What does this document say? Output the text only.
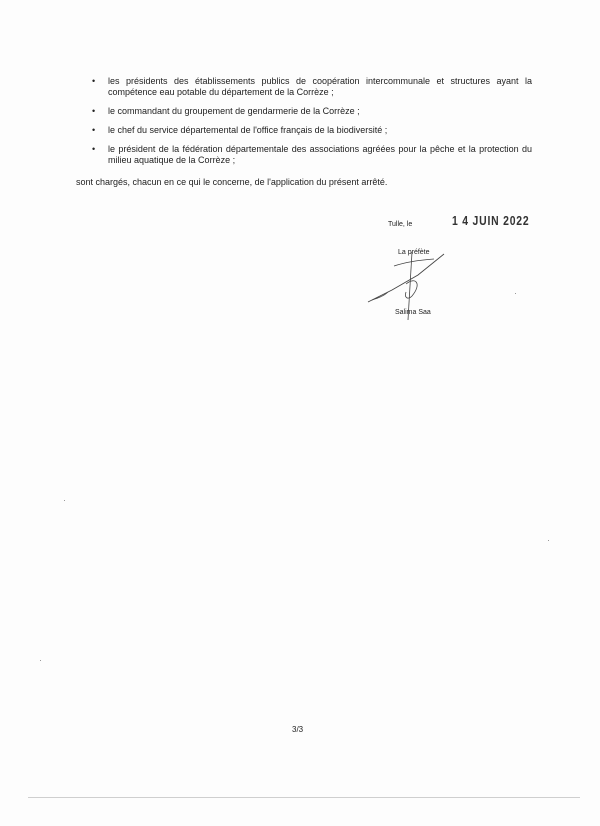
• les présidents des établissements publics de coopération intercommunale et structures ayant la compétence eau potable du département de la Corrèze ;
• le commandant du groupement de gendarmerie de la Corrèze ;
• le chef du service départemental de l'office français de la biodiversité ;
• le président de la fédération départementale des associations agréées pour la pêche et la protection du milieu aquatique de la Corrèze ;
sont chargés, chacun en ce qui le concerne, de l'application du présent arrêté.
Tulle, le	1 4 JUIN 2022
La préfète
Salima Saa
3/3
